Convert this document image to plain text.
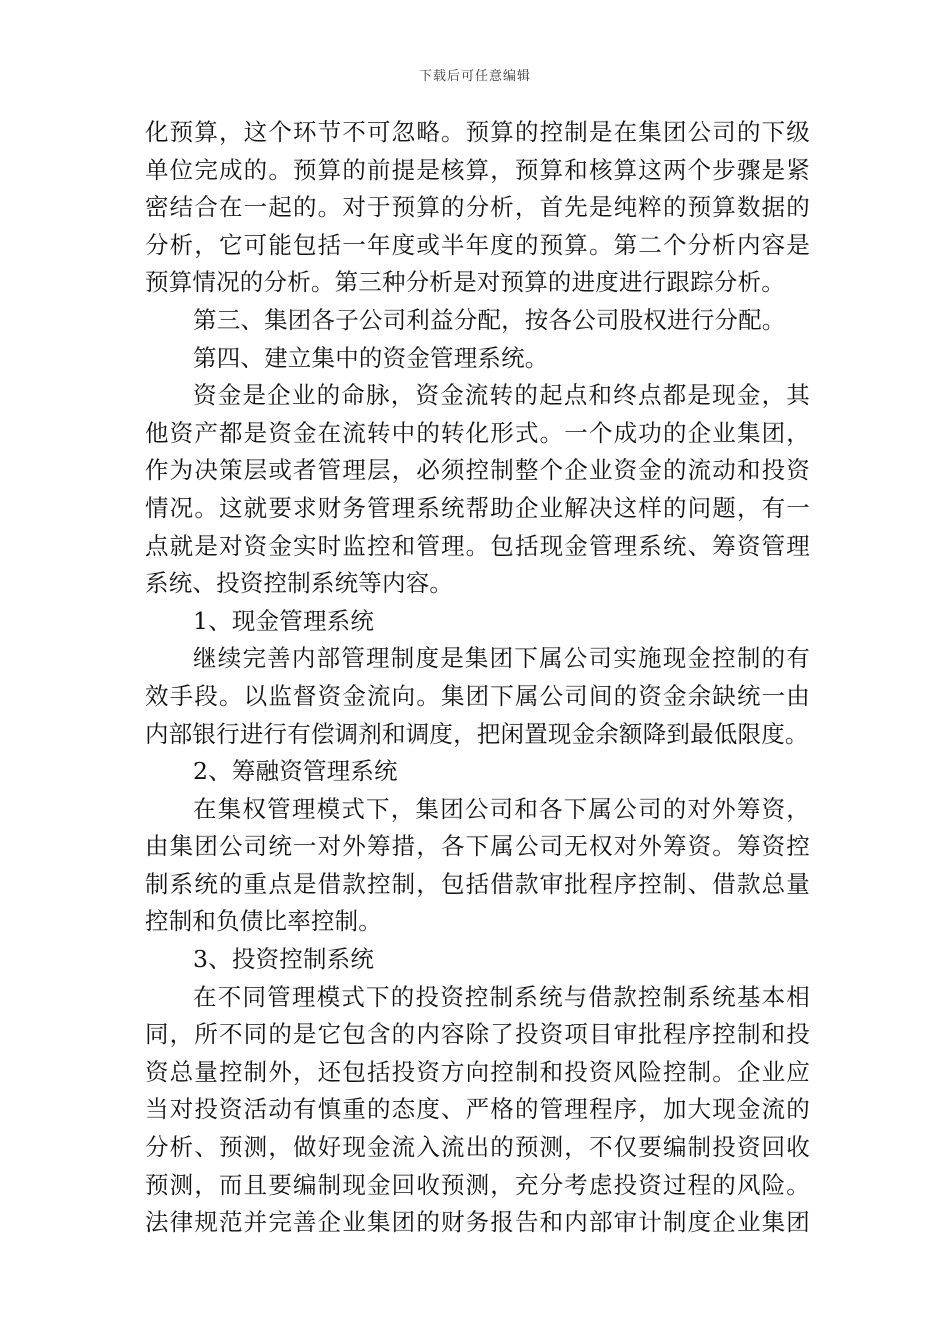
下载后可任意编辑
化预算，这个环节不可忽略。预算的控制是在集团公司的下级
单位完成的。预算的前提是核算，预算和核算这两个步骤是紧
密结合在一起的。对于预算的分析，首先是纯粹的预算数据的
分析，它可能包括一年度或半年度的预算。第二个分析内容是
预算情况的分析。第三种分析是对预算的进度进行跟踪分析。
第三、集团各子公司利益分配，按各公司股权进行分配。
第四、建立集中的资金管理系统。
资金是企业的命脉，资金流转的起点和终点都是现金，其
他资产都是资金在流转中的转化形式。一个成功的企业集团，
作为决策层或者管理层，必须控制整个企业资金的流动和投资
情况。这就要求财务管理系统帮助企业解决这样的问题，有一
点就是对资金实时监控和管理。包括现金管理系统、筹资管理
系统、投资控制系统等内容。
1、现金管理系统
继续完善内部管理制度是集团下属公司实施现金控制的有
效手段。以监督资金流向。集团下属公司间的资金余缺统一由
内部银行进行有偿调剂和调度，把闲置现金余额降到最低限度。
2、筹融资管理系统
在集权管理模式下，集团公司和各下属公司的对外筹资，
由集团公司统一对外筹措，各下属公司无权对外筹资。筹资控
制系统的重点是借款控制，包括借款审批程序控制、借款总量
控制和负债比率控制。
3、投资控制系统
在不同管理模式下的投资控制系统与借款控制系统基本相
同，所不同的是它包含的内容除了投资项目审批程序控制和投
资总量控制外，还包括投资方向控制和投资风险控制。企业应
当对投资活动有慎重的态度、严格的管理程序，加大现金流的
分析、预测，做好现金流入流出的预测，不仅要编制投资回收
预测，而且要编制现金回收预测，充分考虑投资过程的风险。
法律规范并完善企业集团的财务报告和内部审计制度企业集团
